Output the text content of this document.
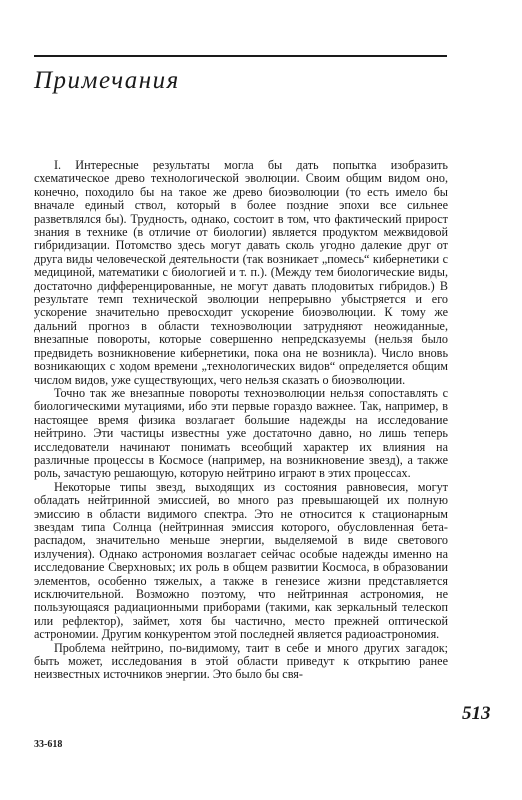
Примечания

I. Интересные результаты могла бы дать попытка изобразить схематическое древо технологической эволюции. Своим общим видом оно, конечно, походило бы на такое же древо биоэволюции (то есть имело бы вначале единый ствол, который в более поздние эпохи все сильнее разветвлялся бы). Трудность, однако, состоит в том, что фактический прирост знания в технике (в отличие от биологии) является продуктом межвидовой гибридизации. Потомство здесь могут давать сколь угодно далекие друг от друга виды человеческой деятельности (так возникает „помесь“ кибернетики с медициной, математики с биологией и т. п.). (Между тем биологические виды, достаточно дифференцированные, не могут давать плодовитых гибридов.) В результате темп технической эволюции непрерывно убыстряется и его ускорение значительно превосходит ускорение биоэволюции. К тому же дальний прогноз в области техноэволюции затрудняют неожиданные, внезапные повороты, которые совершенно непредсказуемы (нельзя было предвидеть возникновение кибернетики, пока она не возникла). Число вновь возникающих с ходом времени „технологических видов“ определяется общим числом видов, уже существующих, чего нельзя сказать о биоэволюции.

Точно так же внезапные повороты техноэволюции нельзя сопоставлять с биологическими мутациями, ибо эти первые гораздо важнее. Так, например, в настоящее время физика возлагает большие надежды на исследование нейтрино. Эти частицы известны уже достаточно давно, но лишь теперь исследователи начинают понимать всеобщий характер их влияния на различные процессы в Космосе (например, на возникновение звезд), а также роль, зачастую решающую, которую нейтрино играют в этих процессах.

Некоторые типы звезд, выходящих из состояния равновесия, могут обладать нейтринной эмиссией, во много раз превышающей их полную эмиссию в области видимого спектра. Это не относится к стационарным звездам типа Солнца (нейтринная эмиссия которого, обусловленная бета-распадом, значительно меньше энергии, выделяемой в виде светового излучения). Однако астрономия возлагает сейчас особые надежды именно на исследование Сверхновых; их роль в общем развитии Космоса, в образовании элементов, особенно тяжелых, а также в генезисе жизни представляется исключительной. Возможно поэтому, что нейтринная астрономия, не пользующаяся радиационными приборами (такими, как зеркальный телескоп или рефлектор), займет, хотя бы частично, место прежней оптической астрономии. Другим конкурентом этой последней является радиоастрономия.

Проблема нейтрино, по-видимому, таит в себе и много других загадок; быть может, исследования в этой области приведут к открытию ранее неизвестных источников энергии. Это было бы свя-

513
33-618
